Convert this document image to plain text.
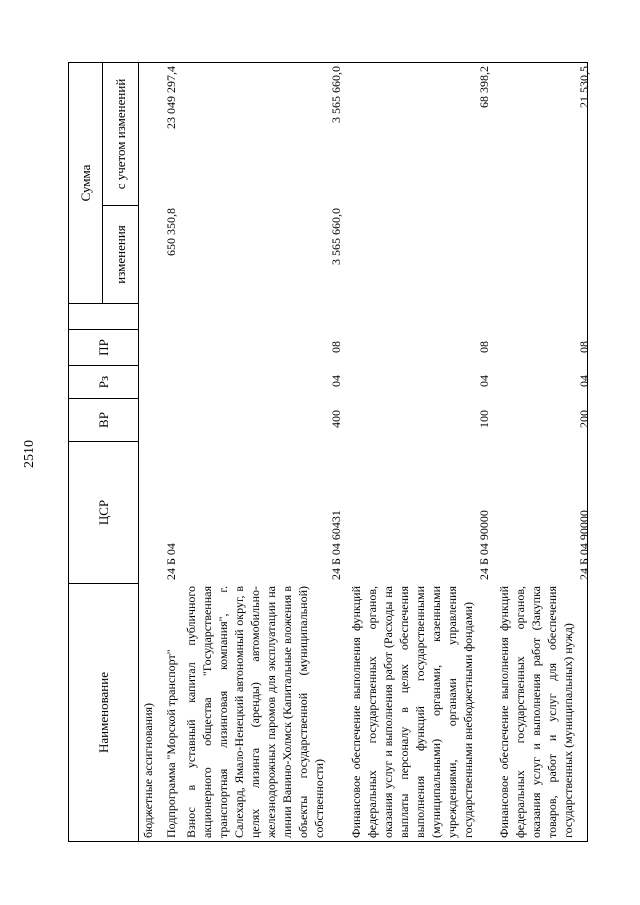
2510
Наименование
ЦСР
ВР
Рз
ПР
Сумма
изменения
с учетом изменений
бюджетные ассигнования) Подпрограмма "Морской транспорт"
24 Б 04
650 350,8
23 049 297,4
Взнос в уставный капитал публичного акционерного общества "Государственная транспортная лизинговая компания", г. Салехард, Ямало-Ненецкий автономный округ, в целях лизинга (аренды) автомобильно-железнодорожных паромов для эксплуатации на линии Ванино-Холмск (Капитальные вложения в объекты государственной (муниципальной) собственности)
24 Б 04 60431
400
04
08
3 565 660,0
3 565 660,0
Финансовое обеспечение выполнения функций федеральных государственных органов, оказания услуг и выполнения работ (Расходы на выплаты персоналу в целях обеспечения выполнения функций государственными (муниципальными) органами, казенными учреждениями, органами управления государственными внебюджетными фондами)
24 Б 04 90000
100
04
08
68 398,2
Финансовое обеспечение выполнения функций федеральных государственных органов, оказания услуг и выполнения работ (Закупка товаров, работ и услуг для обеспечения государственных (муниципальных) нужд)
24 Б 04 90000
200
04
08
21 530,5
